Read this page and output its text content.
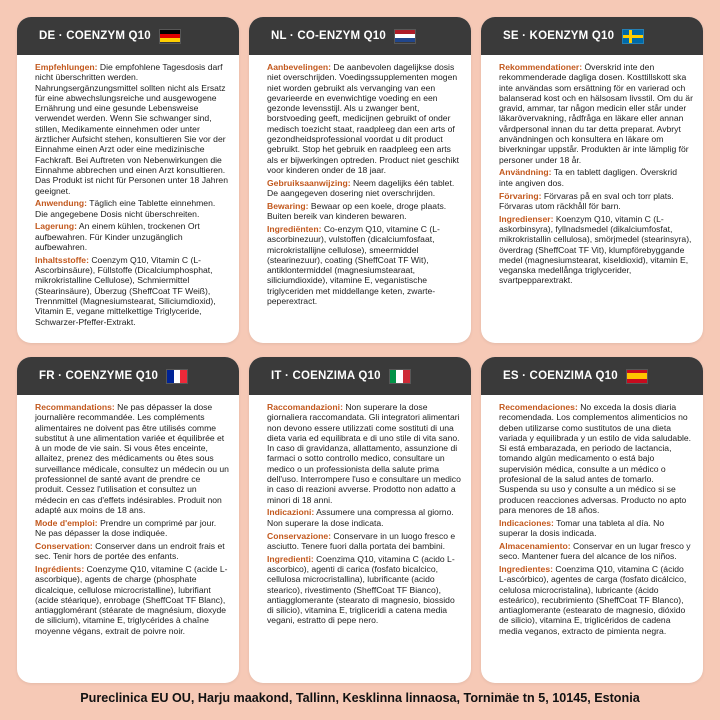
DE · COENZYM Q10

Empfehlungen: Die empfohlene Tagesdosis darf nicht überschritten werden. Nahrungsergänzungsmittel sollten nicht als Ersatz für eine abwechslungsreiche und ausgewogene Ernährung und eine gesunde Lebensweise verwendet werden. Wenn Sie schwanger sind, stillen, Medikamente einnehmen oder unter ärztlicher Aufsicht stehen, konsultieren Sie vor der Einnahme einen Arzt oder eine medizinische Fachkraft. Bei Auftreten von Nebenwirkungen die Einnahme abbrechen und einen Arzt konsultieren. Das Produkt ist nicht für Personen unter 18 Jahren geeignet.

Anwendung: Täglich eine Tablette einnehmen. Die angegebene Dosis nicht überschreiten.

Lagerung: An einem kühlen, trockenen Ort aufbewahren. Für Kinder unzugänglich aufbewahren.

Inhaltsstoffe: Coenzym Q10, Vitamin C (L-Ascorbinsäure), Füllstoffe (Dicalciumphosphat, mikrokristalline Cellulose), Schmiermittel (Stearinsäure), Überzug (SheffCoat TF Weiß), Trennmittel (Magnesiumstearat, Siliciumdioxid), Vitamin E, vegane mittelkettige Triglyceride, Schwarzer-Pfeffer-Extrakt.

NL · CO-ENZYM Q10

Aanbevelingen: De aanbevolen dagelijkse dosis niet overschrijden. Voedingssupplementen mogen niet worden gebruikt als vervanging van een gevarieerde en evenwichtige voeding en een gezonde levensstijl. Als u zwanger bent, borstvoeding geeft, medicijnen gebruikt of onder medisch toezicht staat, raadpleeg dan een arts of gezondheidsprofessional voordat u dit product gebruikt. Stop het gebruik en raadpleeg een arts als er bijwerkingen optreden. Product niet geschikt voor kinderen onder de 18 jaar.

Gebruiksaanwijzing: Neem dagelijks één tablet. De aangegeven dosering niet overschrijden.

Bewaring: Bewaar op een koele, droge plaats. Buiten bereik van kinderen bewaren.

Ingrediënten: Co-enzym Q10, vitamine C (L-ascorbinezuur), vulstoffen (dicalciumfosfaat, microkristallijne cellulose), smeermiddel (stearinezuur), coating (SheffCoat TF Wit), antiklontermiddel (magnesiumstearaat, siliciumdioxide), vitamine E, veganistische triglyceriden met middellange keten, zwarte-peperextract.

SE · KOENZYM Q10

Rekommendationer: Överskrid inte den rekommenderade dagliga dosen. Kosttillskott ska inte användas som ersättning för en varierad och balanserad kost och en hälsosam livsstil. Om du är gravid, ammar, tar någon medicin eller står under läkarövervakning, rådfråga en läkare eller annan vårdpersonal innan du tar detta preparat. Avbryt användningen och konsultera en läkare om biverkningar uppstår. Produkten är inte lämplig för personer under 18 år.

Användning: Ta en tablett dagligen. Överskrid inte angiven dos.

Förvaring: Förvaras på en sval och torr plats. Förvaras utom räckhåll för barn.

Ingredienser: Koenzym Q10, vitamin C (L-askorbinsyra), fyllnadsmedel (dikalciumfosfat, mikrokristallin cellulosa), smörjmedel (stearinsyra), överdrag (SheffCoat TF Vit), klumpförebyggande medel (magnesiumstearat, kiseldioxid), vitamin E, veganska medellånga triglycerider, svartpepparextrakt.

FR · COENZYME Q10

Recommandations: Ne pas dépasser la dose journalière recommandée. Les compléments alimentaires ne doivent pas être utilisés comme substitut à une alimentation variée et équilibrée et à un mode de vie sain. Si vous êtes enceinte, allaitez, prenez des médicaments ou êtes sous surveillance médicale, consultez un médecin ou un professionnel de santé avant de prendre ce produit. Cessez l'utilisation et consultez un médecin en cas d'effets indésirables. Produit non adapté aux moins de 18 ans.

Mode d'emploi: Prendre un comprimé par jour. Ne pas dépasser la dose indiquée.

Conservation: Conserver dans un endroit frais et sec. Tenir hors de portée des enfants.

Ingrédients: Coenzyme Q10, vitamine C (acide L-ascorbique), agents de charge (phosphate dicalcique, cellulose microcristalline), lubrifiant (acide stéarique), enrobage (SheffCoat TF Blanc), antiagglomérant (stéarate de magnésium, dioxyde de silicium), vitamine E, triglycérides à chaîne moyenne végans, extrait de poivre noir.

IT · COENZIMA Q10

Raccomandazioni: Non superare la dose giornaliera raccomandata. Gli integratori alimentari non devono essere utilizzati come sostituti di una dieta varia ed equilibrata e di uno stile di vita sano. In caso di gravidanza, allattamento, assunzione di farmaci o sotto controllo medico, consultare un medico o un professionista della salute prima dell'uso. Interrompere l'uso e consultare un medico in caso di reazioni avverse. Prodotto non adatto a minori di 18 anni.

Indicazioni: Assumere una compressa al giorno. Non superare la dose indicata.

Conservazione: Conservare in un luogo fresco e asciutto. Tenere fuori dalla portata dei bambini.

Ingredienti: Coenzima Q10, vitamina C (acido L-ascorbico), agenti di carica (fosfato bicalcico, cellulosa microcristallina), lubrificante (acido stearico), rivestimento (SheffCoat TF Bianco), antiagglomerante (stearato di magnesio, biossido di silicio), vitamina E, trigliceridi a catena media vegani, estratto di pepe nero.

ES · COENZIMA Q10

Recomendaciones: No exceda la dosis diaria recomendada. Los complementos alimenticios no deben utilizarse como sustitutos de una dieta variada y equilibrada y un estilo de vida saludable. Si está embarazada, en periodo de lactancia, tomando algún medicamento o está bajo supervisión médica, consulte a un médico o profesional de la salud antes de tomarlo. Suspenda su uso y consulte a un médico si se producen reacciones adversas. Producto no apto para menores de 18 años.

Indicaciones: Tomar una tableta al día. No superar la dosis indicada.

Almacenamiento: Conservar en un lugar fresco y seco. Mantener fuera del alcance de los niños.

Ingredientes: Coenzima Q10, vitamina C (ácido L-ascórbico), agentes de carga (fosfato dicálcico, celulosa microcristalina), lubricante (ácido esteárico), recubrimiento (SheffCoat TF Blanco), antiaglomerante (estearato de magnesio, dióxido de silicio), vitamina E, triglicéridos de cadena media veganos, extracto de pimienta negra.

Pureclinica EU OU, Harju maakond, Tallinn, Kesklinna linnaosa, Tornimäe tn 5, 10145, Estonia
